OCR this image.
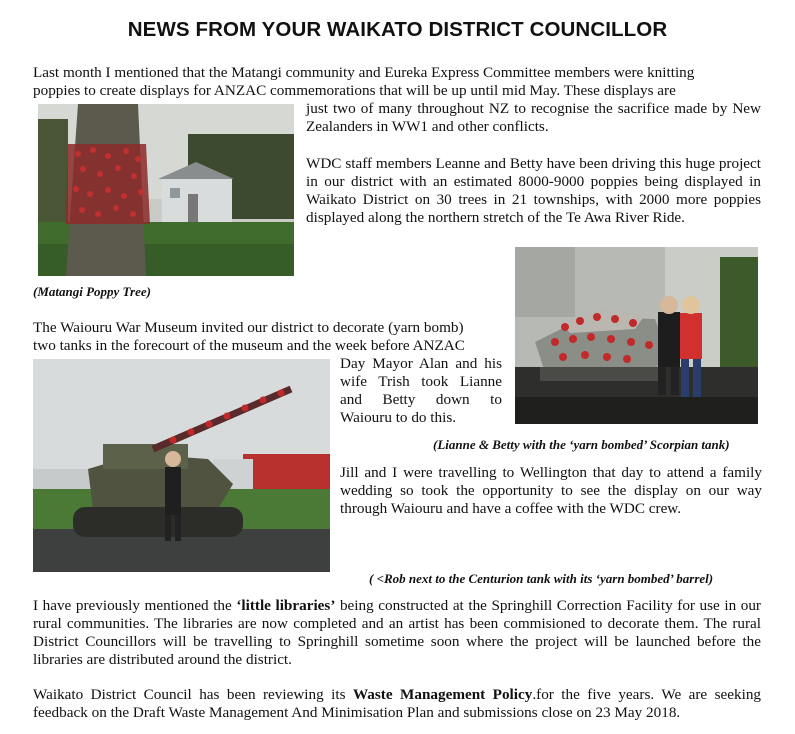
NEWS FROM YOUR WAIKATO DISTRICT COUNCILLOR

Last month I mentioned that the Matangi community and Eureka Express Committee members were knitting

poppies to create displays for ANZAC commemorations that will be up until mid May. These displays are

just two of many throughout NZ to recognise the sacrifice made by New Zealanders in WW1 and other conflicts.

WDC staff members Leanne and Betty have been driving this huge project in our district with an estimated 8000-9000 poppies being displayed in Waikato District on 30 trees in 21 townships, with 2000 more poppies displayed along the northern stretch of the Te Awa River Ride.

(Matangi Poppy Tree)

The Waiouru War Museum invited our district to decorate (yarn bomb)

two tanks in the forecourt of the museum and the week before ANZAC

Day Mayor Alan and his wife Trish took Lianne and Betty down to Waiouru to do this.

(Lianne & Betty with the ‘yarn bombed’ Scorpian tank)

Jill and I were travelling to Wellington that day to attend a family wedding so took the opportunity to see the display on our way through Waiouru and have a coffee with the WDC crew.

( <Rob next to the Centurion tank with its ‘yarn bombed’ barrel)

I have previously mentioned the ‘little libraries’ being constructed at the Springhill Correction Facility for use in our rural communities. The libraries are now completed and an artist has been commisioned to decorate them. The rural District Councillors will be travelling to Springhill sometime soon where the project will be launched before the libraries are distributed around the district.

Waikato District Council has been reviewing its Waste Management Policy.for the five years. We are seeking feedback on the Draft Waste Management And Minimisation Plan and submissions close on 23 May 2018.
